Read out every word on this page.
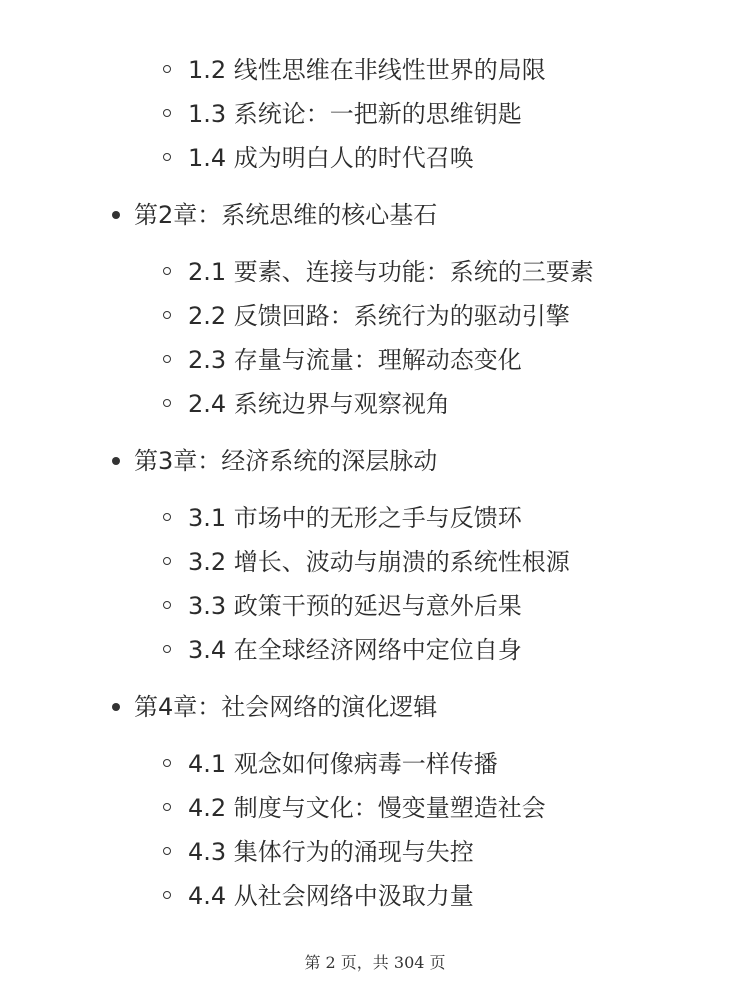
1.2 线性思维在非线性世界的局限
1.3 系统论：一把新的思维钥匙
1.4 成为明白人的时代召唤
第2章：系统思维的核心基石
2.1 要素、连接与功能：系统的三要素
2.2 反馈回路：系统行为的驱动引擎
2.3 存量与流量：理解动态变化
2.4 系统边界与观察视角
第3章：经济系统的深层脉动
3.1 市场中的无形之手与反馈环
3.2 增长、波动与崩溃的系统性根源
3.3 政策干预的延迟与意外后果
3.4 在全球经济网络中定位自身
第4章：社会网络的演化逻辑
4.1 观念如何像病毒一样传播
4.2 制度与文化：慢变量塑造社会
4.3 集体行为的涌现与失控
4.4 从社会网络中汲取力量
第 2 页，共 304 页
